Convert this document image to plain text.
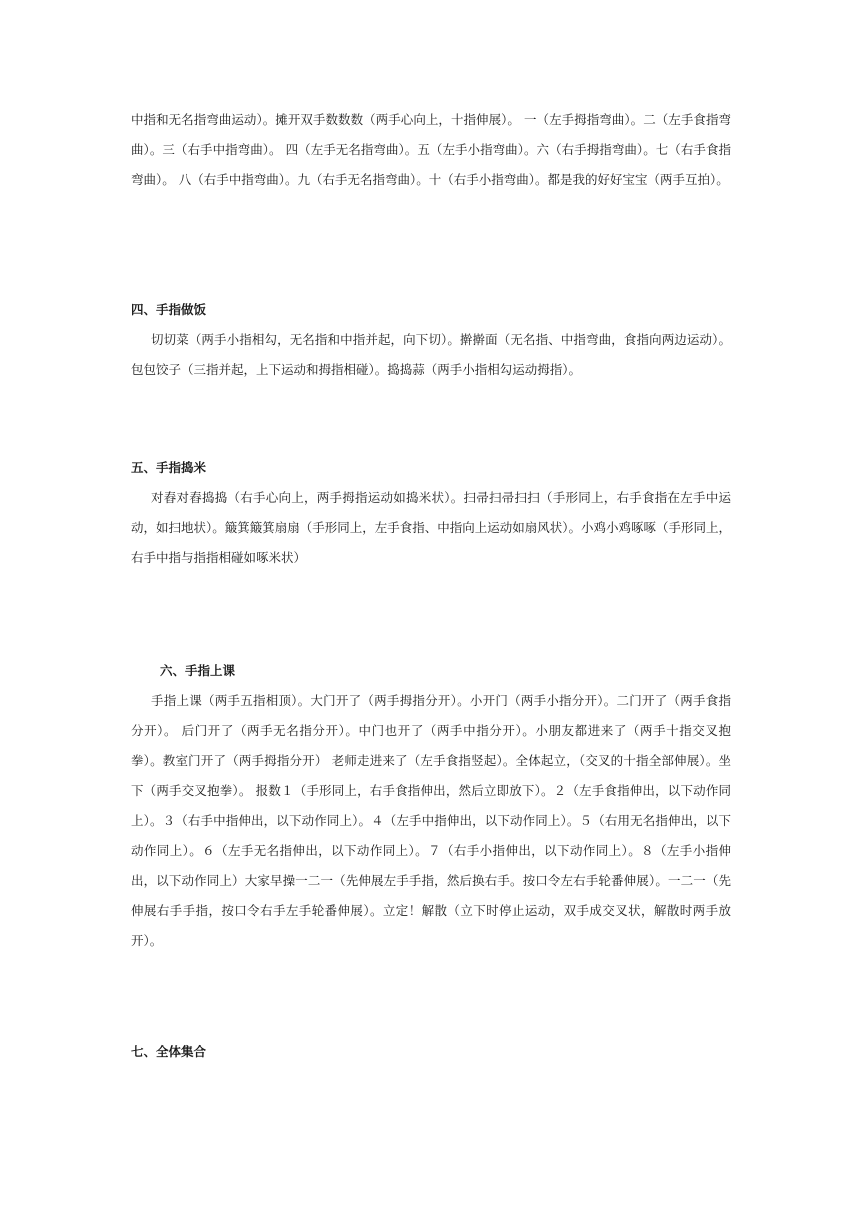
中指和无名指弯曲运动）。摊开双手数数数（两手心向上，十指伸展）。 一（左手拇指弯曲）。二（左手食指弯曲）。三（右手中指弯曲）。 四（左手无名指弯曲）。五（左手小指弯曲）。六（右手拇指弯曲）。七（右手食指弯曲）。 八（右手中指弯曲）。九（右手无名指弯曲）。十（右手小指弯曲）。都是我的好好宝宝（两手互拍）。

四、手指做饭

切切菜（两手小指相勾，无名指和中指并起，向下切）。擀擀面（无名指、中指弯曲，食指向两边运动）。包包饺子（三指并起，上下运动和拇指相碰）。捣捣蒜（两手小指相勾运动拇指）。

五、手指捣米

对舂对舂捣捣（右手心向上，两手拇指运动如捣米状）。扫帚扫帚扫扫（手形同上，右手食指在左手中运动，如扫地状）。簸箕簸箕扇扇（手形同上，左手食指、中指向上运动如扇风状）。小鸡小鸡啄啄（手形同上，右手中指与指指相碰如啄米状）

六、手指上课

手指上课（两手五指相顶）。大门开了（两手拇指分开）。小开门（两手小指分开）。二门开了（两手食指分开）。 后门开了（两手无名指分开）。中门也开了（两手中指分开）。小朋友都进来了（两手十指交叉抱拳）。教室门开了（两手拇指分开） 老师走进来了（左手食指竖起）。全体起立，（交叉的十指全部伸展）。坐下（两手交叉抱拳）。 报数１（手形同上，右手食指伸出，然后立即放下）。２（左手食指伸出，以下动作同上）。３（右手中指伸出，以下动作同上）。４（左手中指伸出，以下动作同上）。５（右用无名指伸出，以下动作同上）。６（左手无名指伸出，以下动作同上）。７（右手小指伸出，以下动作同上）。８（左手小指伸出，以下动作同上）大家早操一二一（先伸展左手手指，然后换右手。按口令左右手轮番伸展）。一二一（先伸展右手手指，按口令右手左手轮番伸展）。立定！解散（立下时停止运动，双手成交叉状，解散时两手放开）。

七、全体集合
